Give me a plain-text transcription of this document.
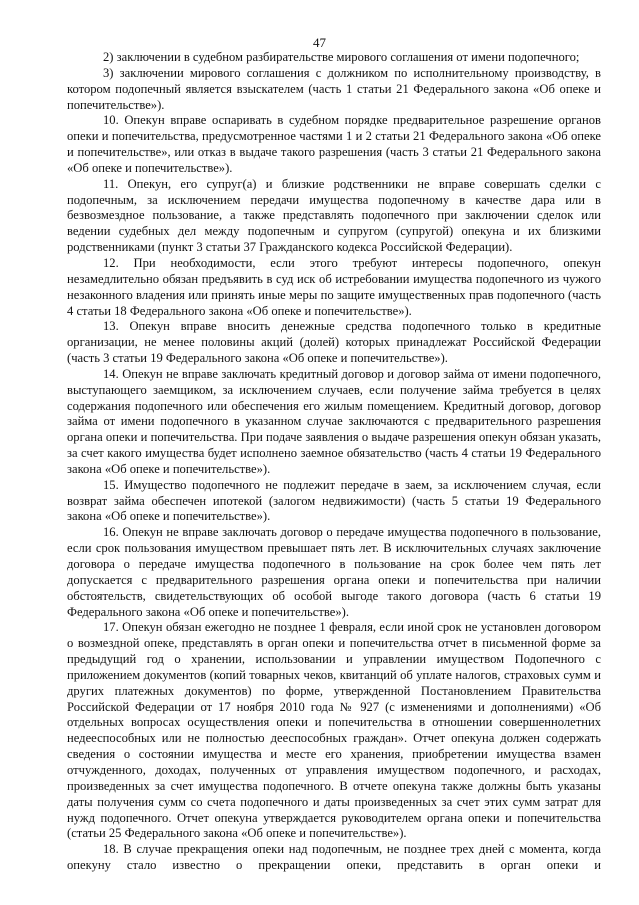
47

2) заключении в судебном разбирательстве мирового соглашения от имени подопечного;

3) заключении мирового соглашения с должником по исполнительному производству, в котором подопечный является взыскателем (часть 1 статьи 21 Федерального закона «Об опеке и попечительстве»).

10. Опекун вправе оспаривать в судебном порядке предварительное разрешение органов опеки и попечительства, предусмотренное частями 1 и 2 статьи 21 Федерального закона «Об опеке и попечительстве», или отказ в выдаче такого разрешения (часть 3 статьи 21 Федерального закона «Об опеке и попечительстве»).

11. Опекун, его супруг(а) и близкие родственники не вправе совершать сделки с подопечным, за исключением передачи имущества подопечному в качестве дара или в безвозмездное пользование, а также представлять подопечного при заключении сделок или ведении судебных дел между подопечным и супругом (супругой) опекуна и их близкими родственниками (пункт 3 статьи 37 Гражданского кодекса Российской Федерации).

12. При необходимости, если этого требуют интересы подопечного, опекун незамедлительно обязан предъявить в суд иск об истребовании имущества подопечного из чужого незаконного владения или принять иные меры по защите имущественных прав подопечного (часть 4 статьи 18 Федерального закона «Об опеке и попечительстве»).

13. Опекун вправе вносить денежные средства подопечного только в кредитные организации, не менее половины акций (долей) которых принадлежат Российской Федерации (часть 3 статьи 19 Федерального закона «Об опеке и попечительстве»).

14. Опекун не вправе заключать кредитный договор и договор займа от имени подопечного, выступающего заемщиком, за исключением случаев, если получение займа требуется в целях содержания подопечного или обеспечения его жилым помещением. Кредитный договор, договор займа от имени подопечного в указанном случае заключаются с предварительного разрешения органа опеки и попечительства. При подаче заявления о выдаче разрешения опекун обязан указать, за счет какого имущества будет исполнено заемное обязательство (часть 4 статьи 19 Федерального закона «Об опеке и попечительстве»).

15. Имущество подопечного не подлежит передаче в заем, за исключением случая, если возврат займа обеспечен ипотекой (залогом недвижимости) (часть 5 статьи 19 Федерального закона «Об опеке и попечительстве»).

16. Опекун не вправе заключать договор о передаче имущества подопечного в пользование, если срок пользования имуществом превышает пять лет. В исключительных случаях заключение договора о передаче имущества подопечного в пользование на срок более чем пять лет допускается с предварительного разрешения органа опеки и попечительства при наличии обстоятельств, свидетельствующих об особой выгоде такого договора (часть 6 статьи 19 Федерального закона «Об опеке и попечительстве»).

17. Опекун обязан ежегодно не позднее 1 февраля, если иной срок не установлен договором о возмездной опеке, представлять в орган опеки и попечительства отчет в письменной форме за предыдущий год о хранении, использовании и управлении имуществом Подопечного с приложением документов (копий товарных чеков, квитанций об уплате налогов, страховых сумм и других платежных документов) по форме, утвержденной Постановлением Правительства Российской Федерации от 17 ноября 2010 года № 927 (с изменениями и дополнениями) «Об отдельных вопросах осуществления опеки и попечительства в отношении совершеннолетних недееспособных или не полностью дееспособных граждан». Отчет опекуна должен содержать сведения о состоянии имущества и месте его хранения, приобретении имущества взамен отчужденного, доходах, полученных от управления имуществом подопечного, и расходах, произведенных за счет имущества подопечного. В отчете опекуна также должны быть указаны даты получения сумм со счета подопечного и даты произведенных за счет этих сумм затрат для нужд подопечного. Отчет опекуна утверждается руководителем органа опеки и попечительства (статьи 25 Федерального закона «Об опеке и попечительстве»).

18. В случае прекращения опеки над подопечным, не позднее трех дней с момента, когда опекуну стало известно о прекращении опеки, представить в орган опеки и
